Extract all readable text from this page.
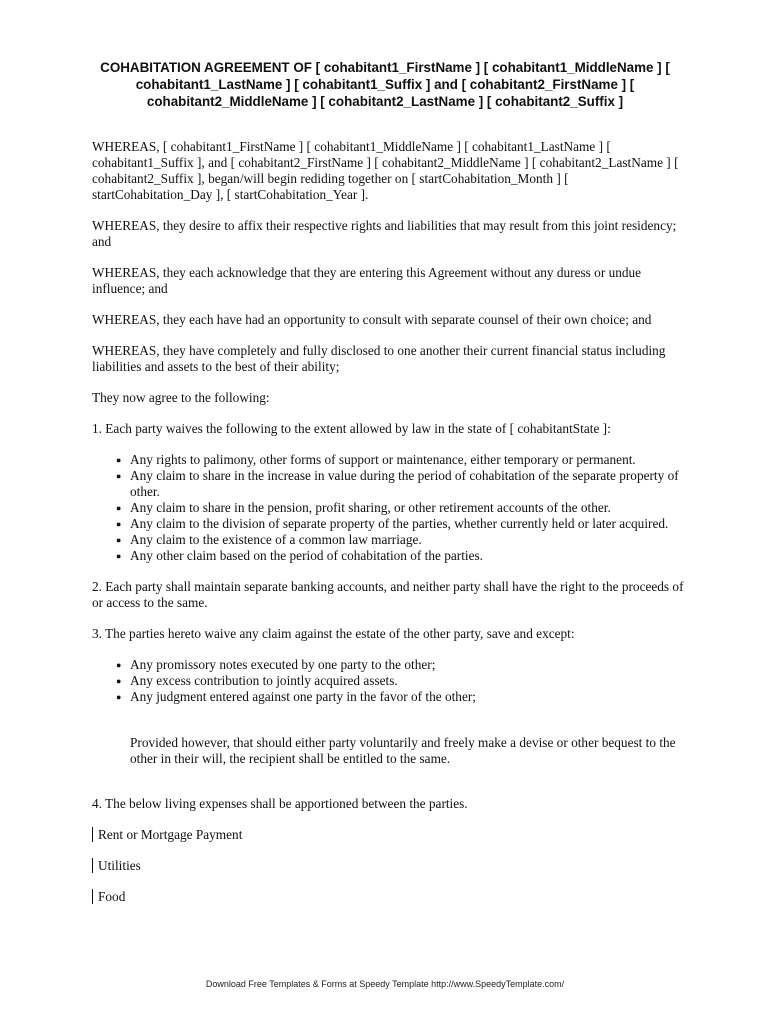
COHABITATION AGREEMENT OF [ cohabitant1_FirstName ] [ cohabitant1_MiddleName ] [ cohabitant1_LastName ] [ cohabitant1_Suffix ] and [ cohabitant2_FirstName ] [ cohabitant2_MiddleName ] [ cohabitant2_LastName ] [ cohabitant2_Suffix ]

WHEREAS, [ cohabitant1_FirstName ] [ cohabitant1_MiddleName ] [ cohabitant1_LastName ] [ cohabitant1_Suffix ], and [ cohabitant2_FirstName ] [ cohabitant2_MiddleName ] [ cohabitant2_LastName ] [ cohabitant2_Suffix ], began/will begin rediding together on [ startCohabitation_Month ] [ startCohabitation_Day ], [ startCohabitation_Year ].

WHEREAS, they desire to affix their respective rights and liabilities that may result from this joint residency; and

WHEREAS, they each acknowledge that they are entering this Agreement without any duress or undue influence; and

WHEREAS, they each have had an opportunity to consult with separate counsel of their own choice; and

WHEREAS, they have completely and fully disclosed to one another their current financial status including liabilities and assets to the best of their ability;

They now agree to the following:

1. Each party waives the following to the extent allowed by law in the state of [ cohabitantState ]:

● Any rights to palimony, other forms of support or maintenance, either temporary or permanent.
● Any claim to share in the increase in value during the period of cohabitation of the separate property of other.
● Any claim to share in the pension, profit sharing, or other retirement accounts of the other.
● Any claim to the division of separate property of the parties, whether currently held or later acquired.
● Any claim to the existence of a common law marriage.
● Any other claim based on the period of cohabitation of the parties.

2. Each party shall maintain separate banking accounts, and neither party shall have the right to the proceeds of or access to the same.

3. The parties hereto waive any claim against the estate of the other party, save and except:

● Any promissory notes executed by one party to the other;
● Any excess contribution to jointly acquired assets.
● Any judgment entered against one party in the favor of the other;

Provided however, that should either party voluntarily and freely make a devise or other bequest to the other in their will, the recipient shall be entitled to the same.

4. The below living expenses shall be apportioned between the parties.

Rent or Mortgage Payment

Utilities

Food

Download Free Templates & Forms at Speedy Template http://www.SpeedyTemplate.com/
